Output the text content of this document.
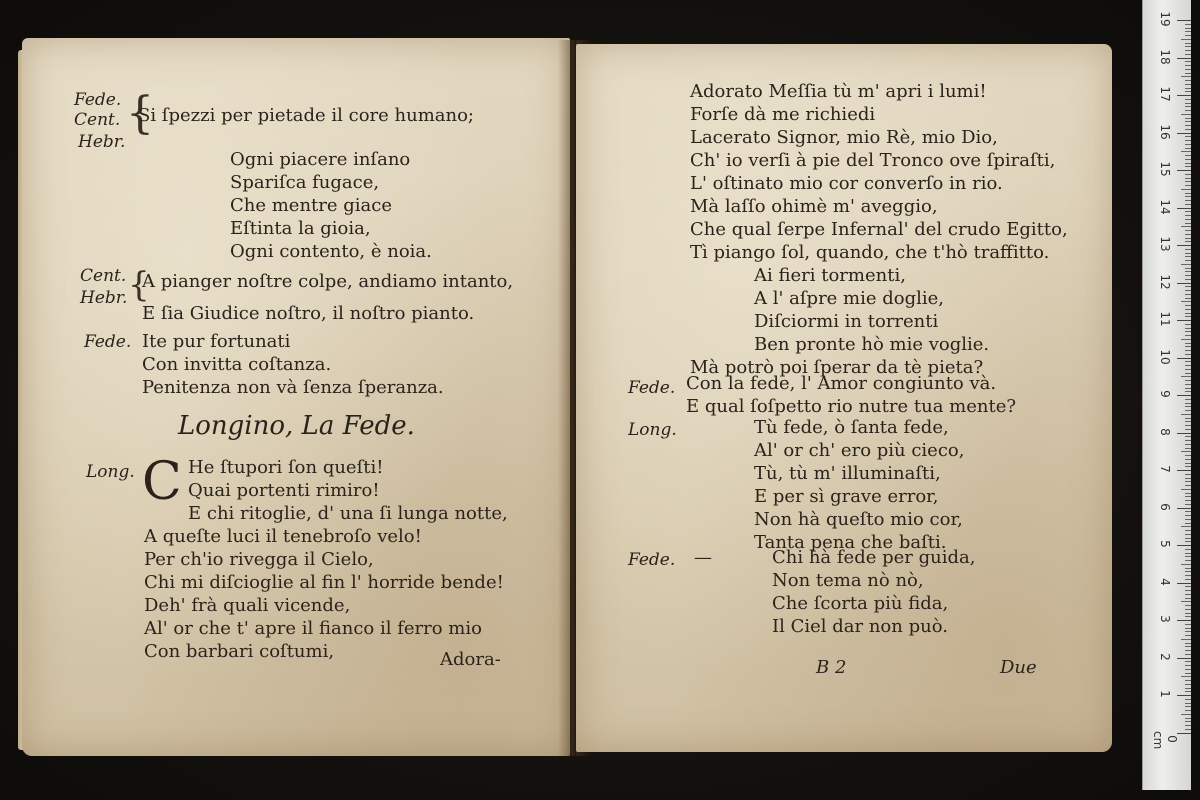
Fede.
Cent.
Hebr.
{
Si ſpezzi per pietade il core humano;
Ogni piacere inſano
Spariſca fugace,
Che mentre giace
Eſtinta la gioia,
Ogni contento, è noia.
Cent.
Hebr. {
A pianger noſtre colpe, andiamo intanto,
E ſia Giudice noſtro, il noſtro pianto.
Fede. Ite pur fortunati
Con invitta coſtanza.
Penitenza non và ſenza ſperanza.
Longino, La Fede.
Long. C He ſtupori ſon queſti!
Quai portenti rimiro!
E chi ritoglie, d' una ſi lunga notte,
A queſte luci il tenebroſo velo!
Per ch'io rivegga il Cielo,
Chi mi diſcioglie al fin l' horride bende!
Deh' frà quali vicende,
Al' or che t' apre il fianco il ferro mio
Con barbari coſtumi,	Adora-
Adorato Meſſia tù m' apri i lumi!
Forſe dà me richiedi
Lacerato Signor, mio Rè, mio Dio,
Ch' io verſi à pie del Tronco ove ſpiraſti,
L' oſtinato mio cor converſo in rio.
Mà laſſo ohimè m' aveggio,
Che qual ſerpe Infernal' del crudo Egitto,
Tì piango ſol, quando, che t'hò traffitto.
Ai fieri tormenti,
A l' aſpre mie doglie,
Diſciormi in torrenti
Ben pronte hò mie voglie.
Mà potrò poi ſperar da tè pieta?
Fede. Con la fede, l' Amor congiunto và.
E qual ſoſpetto rio nutre tua mente?
Long.	Tù fede, ò ſanta fede,
Al' or ch' ero più cieco,
Tù, tù m' illuminaſti,
E per sì grave error,
Non hà queſto mio cor,
Tanta pena che baſti.
Fede. —	Chi hà fede per guida,
Non tema nò nò,
Che ſcorta più fida,
Il Ciel dar non può.
B 2	Due
19
18
17
16
15
14
13
12
11
10
9
8
7
6
5
4
3
2
1
0 cm
